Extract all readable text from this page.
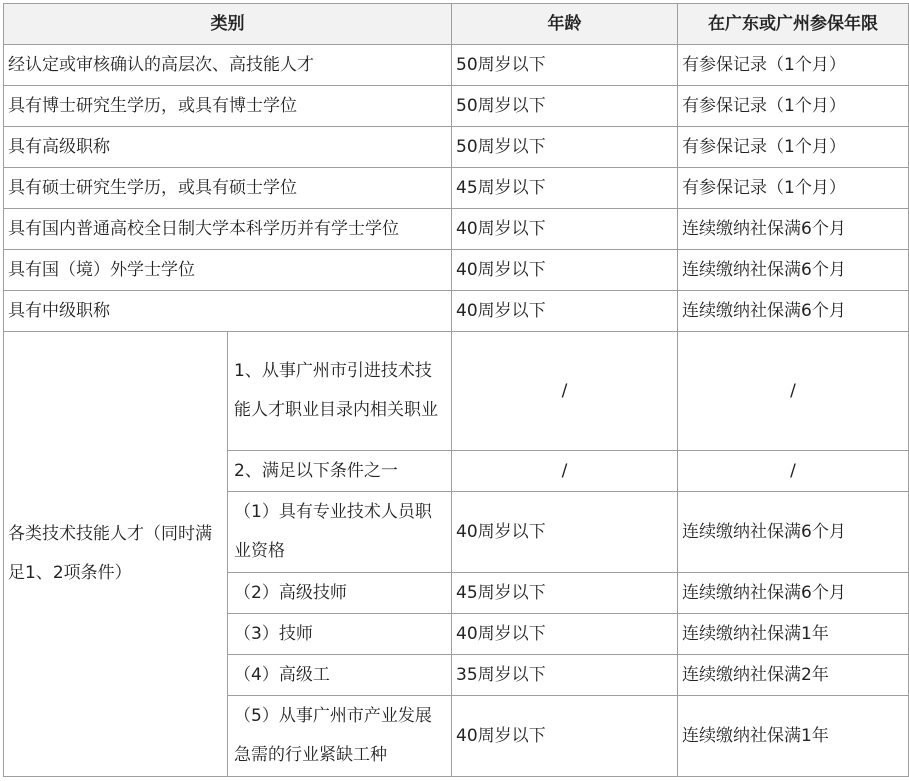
类别		年龄	在广东或广州参保年限
经认定或审核确认的高层次、高技能人才		50周岁以下	有参保记录（1个月）
具有博士研究生学历，或具有博士学位		50周岁以下	有参保记录（1个月）
具有高级职称		50周岁以下	有参保记录（1个月）
具有硕士研究生学历，或具有硕士学位		45周岁以下	有参保记录（1个月）
具有国内普通高校全日制大学本科学历并有学士学位		40周岁以下	连续缴纳社保满6个月
具有国（境）外学士学位		40周岁以下	连续缴纳社保满6个月
具有中级职称		40周岁以下	连续缴纳社保满6个月
各类技术技能人才（同时满足1、2项条件）	1、从事广州市引进技术技能人才职业目录内相关职业	/	/
	2、满足以下条件之一	/	/
	（1）具有专业技术人员职业资格	40周岁以下	连续缴纳社保满6个月
	（2）高级技师	45周岁以下	连续缴纳社保满6个月
	（3）技师	40周岁以下	连续缴纳社保满1年
	（4）高级工	35周岁以下	连续缴纳社保满2年
	（5）从事广州市产业发展急需的行业紧缺工种	40周岁以下	连续缴纳社保满1年
